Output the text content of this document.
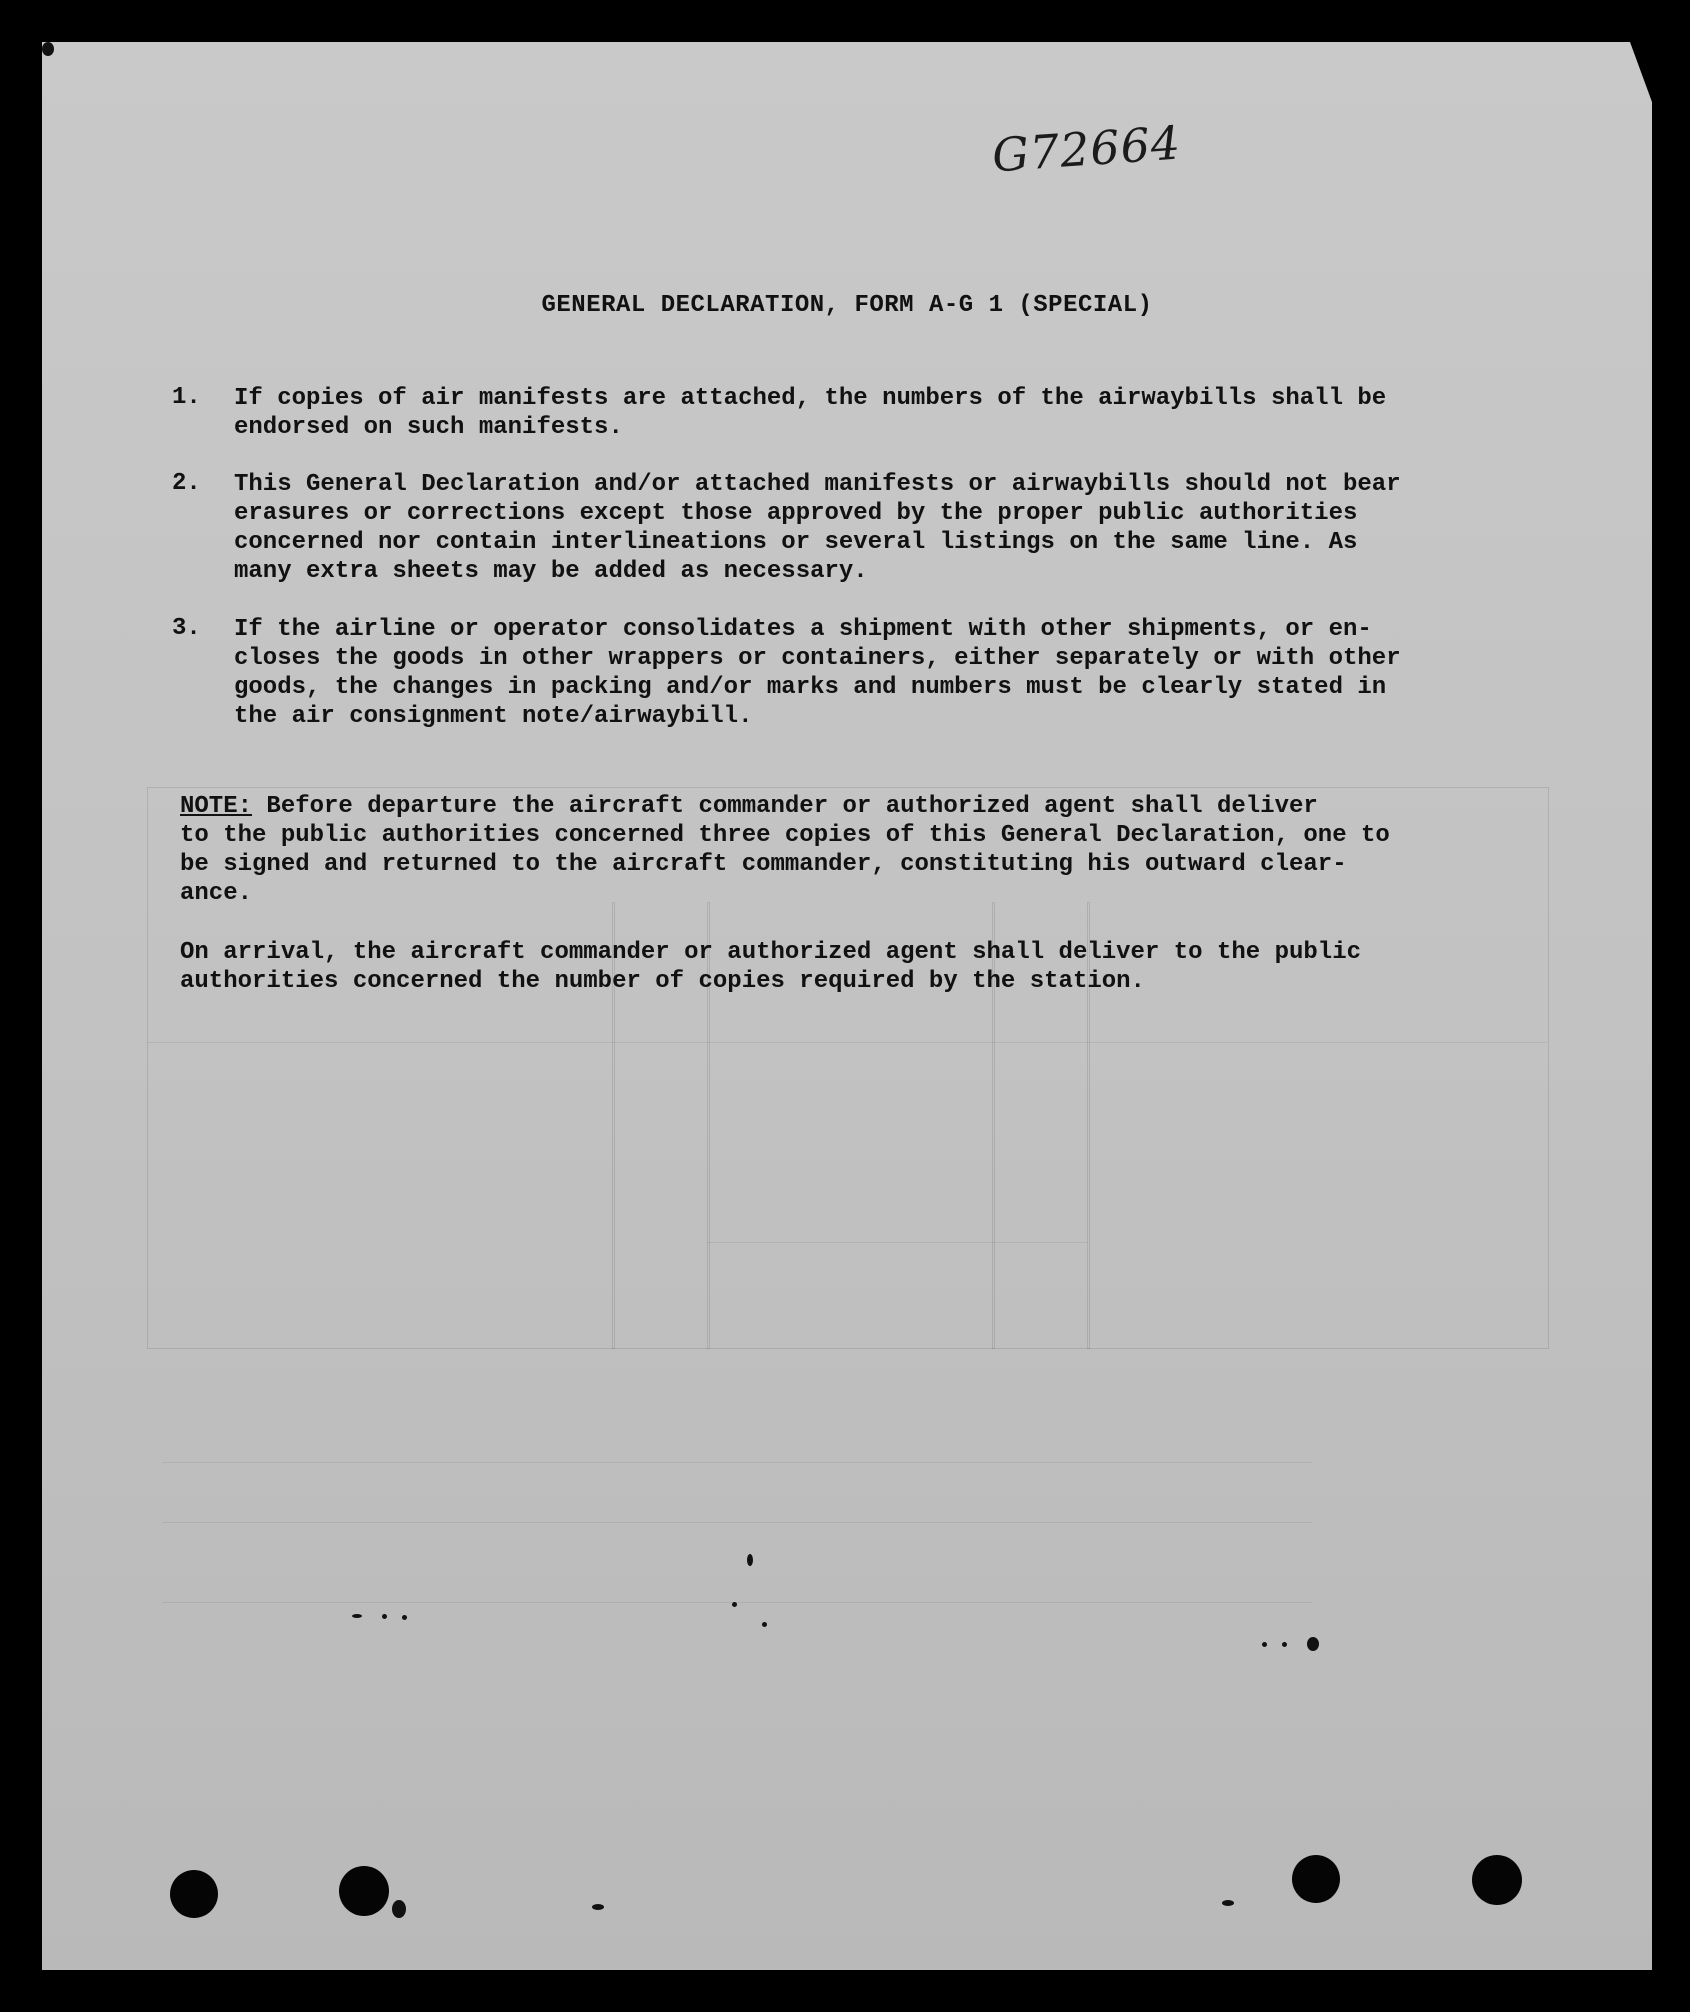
G72664
GENERAL DECLARATION, FORM A-G 1 (SPECIAL)
1.	If copies of air manifests are attached, the numbers of the airwaybills shall be
endorsed on such manifests.
2.	This General Declaration and/or attached manifests or airwaybills should not bear
erasures or corrections except those approved by the proper public authorities
concerned nor contain interlineations or several listings on the same line. As
many extra sheets may be added as necessary.
3.	If the airline or operator consolidates a shipment with other shipments, or en-
closes the goods in other wrappers or containers, either separately or with other
goods, the changes in packing and/or marks and numbers must be clearly stated in
the air consignment note/airwaybill.
NOTE: Before departure the aircraft commander or authorized agent shall deliver
to the public authorities concerned three copies of this General Declaration, one to
be signed and returned to the aircraft commander, constituting his outward clear-
ance.
On arrival, the aircraft commander or authorized agent shall deliver to the public
authorities concerned the number of copies required by the station.
